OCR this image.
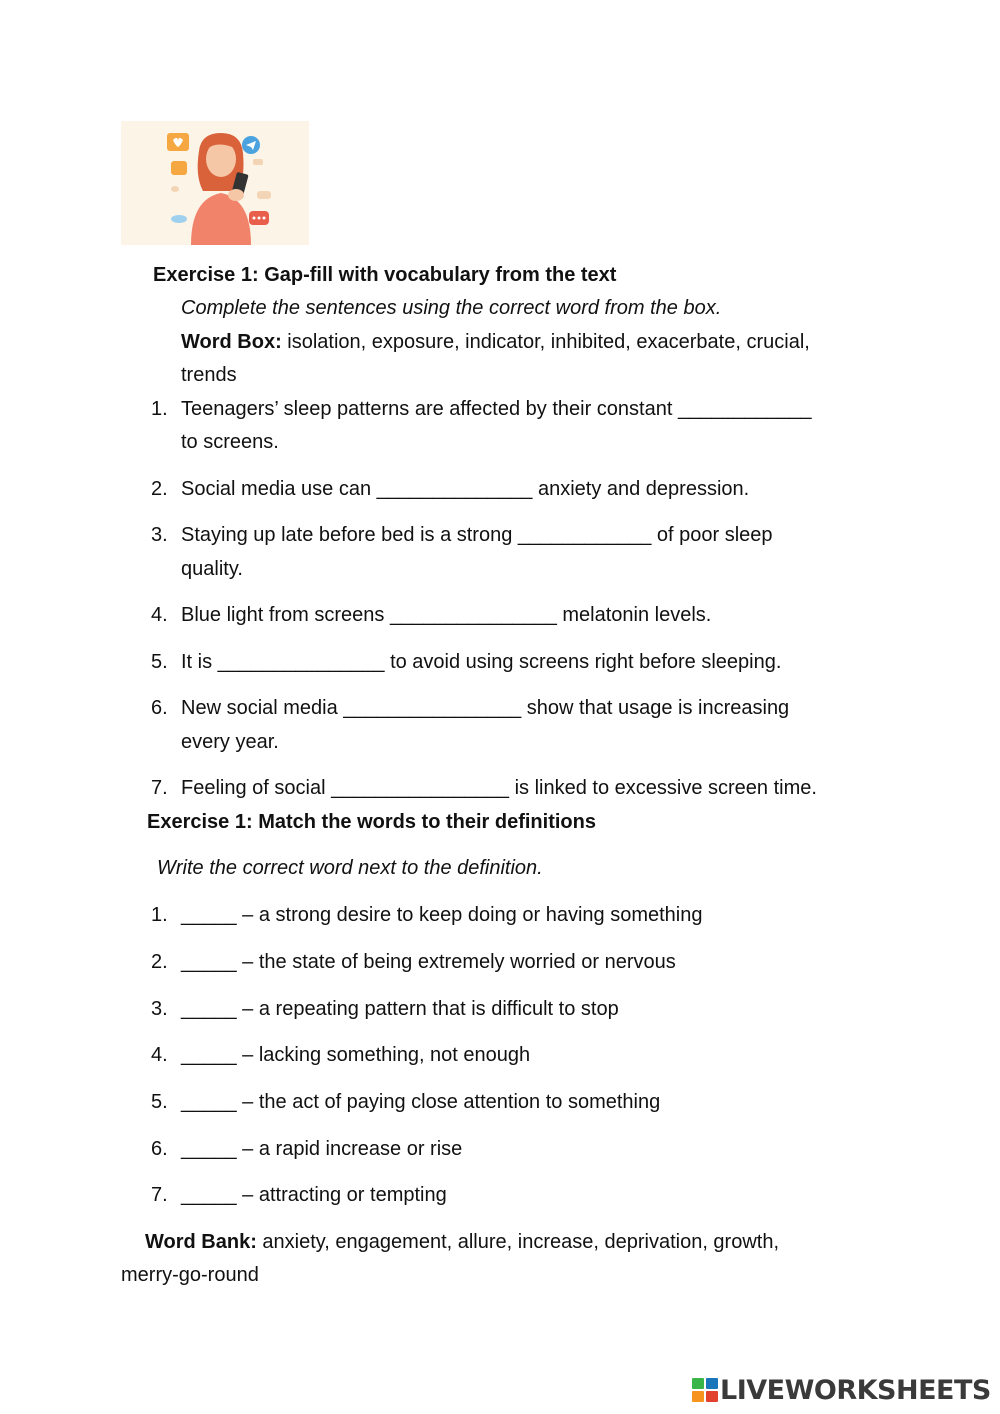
Exercise 1: Gap-fill with vocabulary from the text
Complete the sentences using the correct word from the box.
Word Box: isolation, exposure, indicator, inhibited, exacerbate, crucial,
trends
1. Teenagers’ sleep patterns are affected by their constant ____________
to screens.
2. Social media use can ______________ anxiety and depression.
3. Staying up late before bed is a strong ____________ of poor sleep
quality.
4. Blue light from screens _______________ melatonin levels.
5. It is _______________ to avoid using screens right before sleeping.
6. New social media ________________ show that usage is increasing
every year.
7. Feeling of social ________________ is linked to excessive screen time.
Exercise 1: Match the words to their definitions
Write the correct word next to the definition.
1. _____ – a strong desire to keep doing or having something
2. _____ – the state of being extremely worried or nervous
3. _____ – a repeating pattern that is difficult to stop
4. _____ – lacking something, not enough
5. _____ – the act of paying close attention to something
6. _____ – a rapid increase or rise
7. _____ – attracting or tempting
Word Bank: anxiety, engagement, allure, increase, deprivation, growth,
merry-go-round
LIVEWORKSHEETS
